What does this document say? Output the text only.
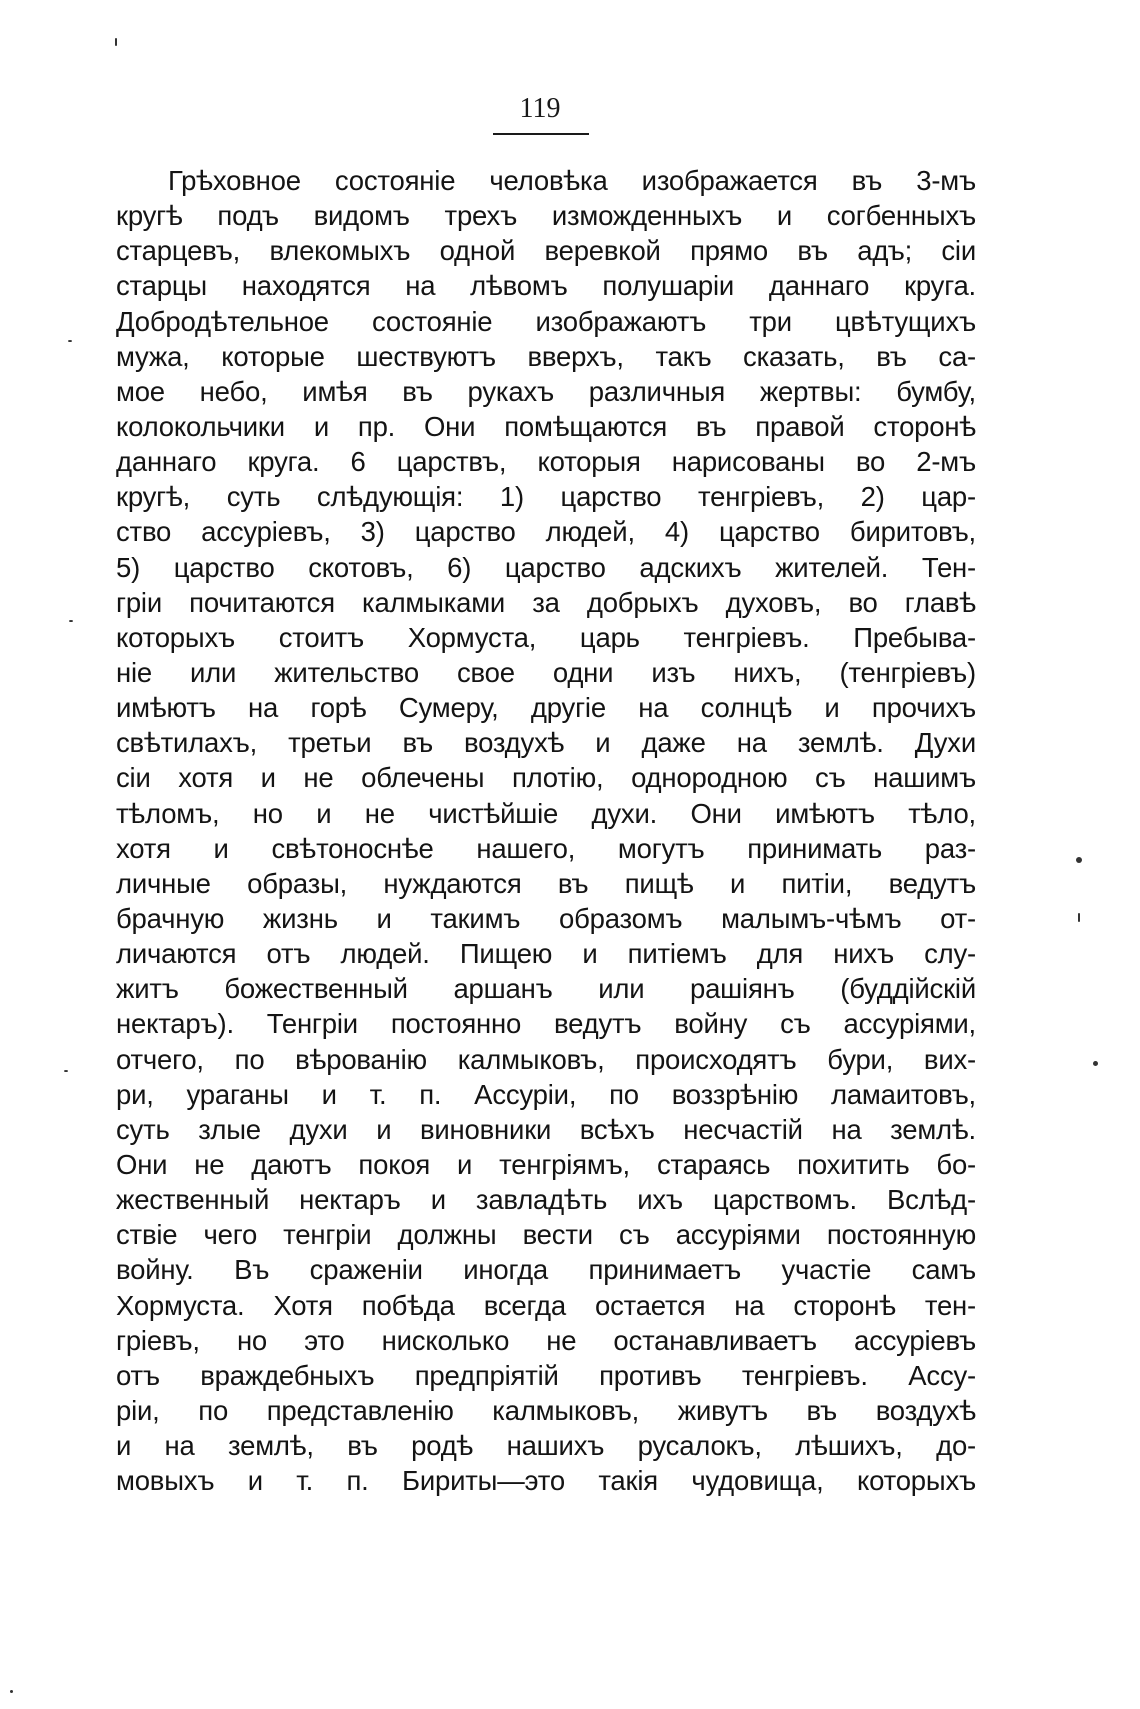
119
Грѣховное состоянiе человѣка изображается въ 3-мъ
кругѣ подъ видомъ трехъ изможденныхъ и согбенныхъ
старцевъ, влекомыхъ одной веревкой прямо въ адъ; сiи
старцы находятся на лѣвомъ полушарiи даннаго круга.
Добродѣтельное состоянiе изображаютъ три цвѣтущихъ
мужа, которые шествуютъ вверхъ, такъ сказать, въ са-
мое небо, имѣя въ рукахъ различныя жертвы: бумбу,
колокольчики и пр. Они помѣщаются въ правой сторонѣ
даннаго круга. 6 царствъ, которыя нарисованы во 2-мъ
кругѣ, суть слѣдующiя: 1) царство тенгрiевъ, 2) цар-
ство ассурiевъ, 3) царство людей, 4) царство биритовъ,
5) царство скотовъ, 6) царство адскихъ жителей. Тен-
грiи почитаются калмыками за добрыхъ духовъ, во главѣ
которыхъ стоитъ Хормуста, царь тенгрiевъ. Пребыва-
нiе или жительство свое одни изъ нихъ, (тенгрiевъ)
имѣютъ на горѣ Сумеру, другiе на солнцѣ и прочихъ
свѣтилахъ, третьи въ воздухѣ и даже на землѣ. Духи
сiи хотя и не облечены плотiю, однородною съ нашимъ
тѣломъ, но и не чистѣйшiе духи. Они имѣютъ тѣло,
хотя и свѣтоноснѣе нашего, могутъ принимать раз-
личные образы, нуждаются въ пищѣ и питiи, ведутъ
брачную жизнь и такимъ образомъ малымъ-чѣмъ от-
личаются отъ людей. Пищею и питiемъ для нихъ слу-
житъ божественный аршанъ или рашiянъ (буддiйскiй
нектаръ). Тенгрiи постоянно ведутъ войну съ ассурiями,
отчего, по вѣрованiю калмыковъ, происходятъ бури, вих-
ри, ураганы и т. п. Ассурiи, по воззрѣнiю ламаитовъ,
суть злые духи и виновники всѣхъ несчастiй на землѣ.
Они не даютъ покоя и тенгрiямъ, стараясь похитить бо-
жественный нектаръ и завладѣть ихъ царствомъ. Вслѣд-
ствiе чего тенгрiи должны вести съ ассурiями постоянную
войну. Въ сраженiи иногда принимаетъ участiе самъ
Хормуста. Хотя побѣда всегда остается на сторонѣ тен-
грiевъ, но это нисколько не останавливаетъ ассурiевъ
отъ враждебныхъ предпрiятiй противъ тенгрiевъ. Ассу-
рiи, по представленiю калмыковъ, живутъ въ воздухѣ
и на землѣ, въ родѣ нашихъ русалокъ, лѣшихъ, до-
мовыхъ и т. п. Бириты—это такiя чудовища, которыхъ
